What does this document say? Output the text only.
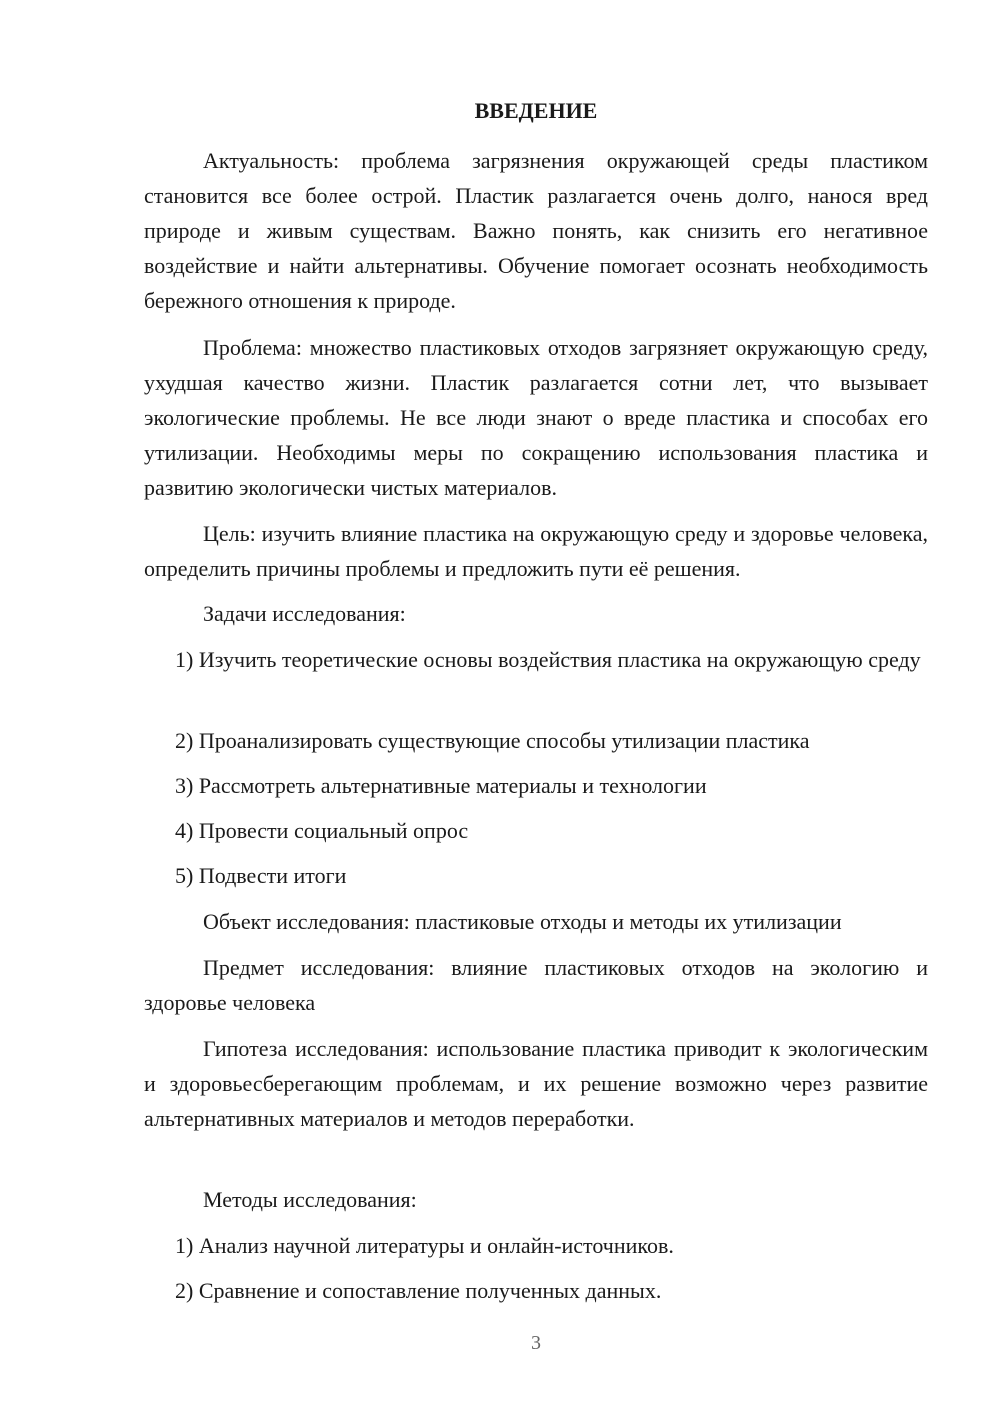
ВВЕДЕНИЕ

Актуальность: проблема загрязнения окружающей среды пластиком становится все более острой. Пластик разлагается очень долго, нанося вред природе и живым существам. Важно понять, как снизить его негативное воздействие и найти альтернативы. Обучение помогает осознать необходимость бережного отношения к природе.

Проблема: множество пластиковых отходов загрязняет окружающую среду, ухудшая качество жизни. Пластик разлагается сотни лет, что вызывает экологические проблемы. Не все люди знают о вреде пластика и способах его утилизации. Необходимы меры по сокращению использования пластика и развитию экологически чистых материалов.

Цель: изучить влияние пластика на окружающую среду и здоровье человека, определить причины проблемы и предложить пути её решения.

Задачи исследования:

1) Изучить теоретические основы воздействия пластика на окружающую среду

2) Проанализировать существующие способы утилизации пластика

3) Рассмотреть альтернативные материалы и технологии

4) Провести социальный опрос

5) Подвести итоги

Объект исследования: пластиковые отходы и методы их утилизации

Предмет исследования: влияние пластиковых отходов на экологию и здоровье человека

Гипотеза исследования: использование пластика приводит к экологическим и здоровьесберегающим проблемам, и их решение возможно через развитие альтернативных материалов и методов переработки.

Методы исследования:

1) Анализ научной литературы и онлайн-источников.

2) Сравнение и сопоставление полученных данных.

3
